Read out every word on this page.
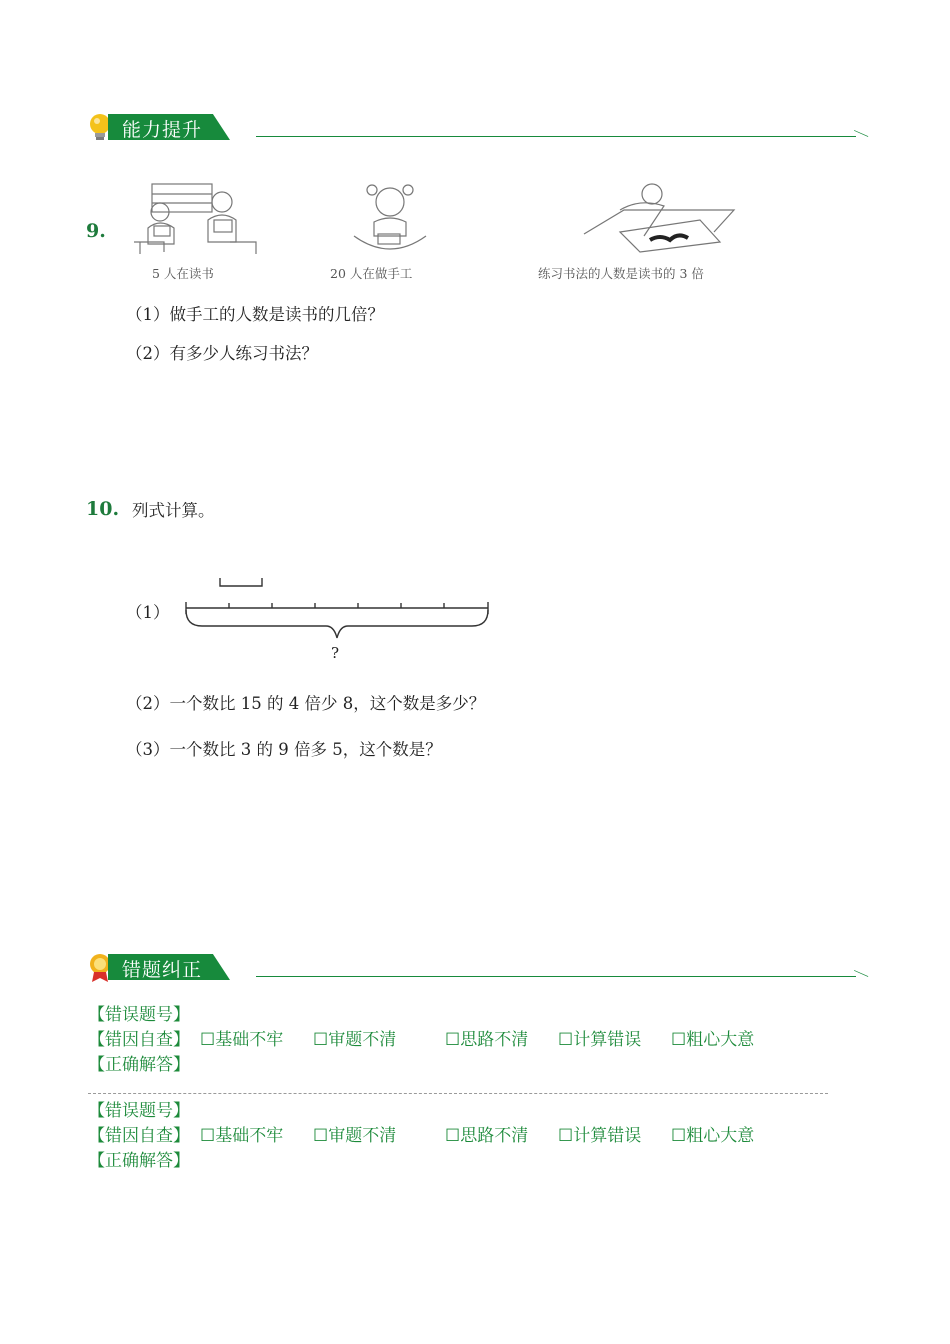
能力提升
9.
5 人在读书	20 人在做手工	练习书法的人数是读书的 3 倍
（1）做手工的人数是读书的几倍？
（2）有多少人练习书法？
10. 列式计算。
（1）
?
（2）一个数比 15 的 4 倍少 8，这个数是多少？
（3）一个数比 3 的 9 倍多 5，这个数是？
错题纠正
【错误题号】
【错因自查】 ☐基础不牢 ☐审题不清	☐思路不清 ☐计算错误 ☐粗心大意
【正确解答】
【错误题号】
【错因自查】 ☐基础不牢 ☐审题不清	☐思路不清 ☐计算错误 ☐粗心大意
【正确解答】
